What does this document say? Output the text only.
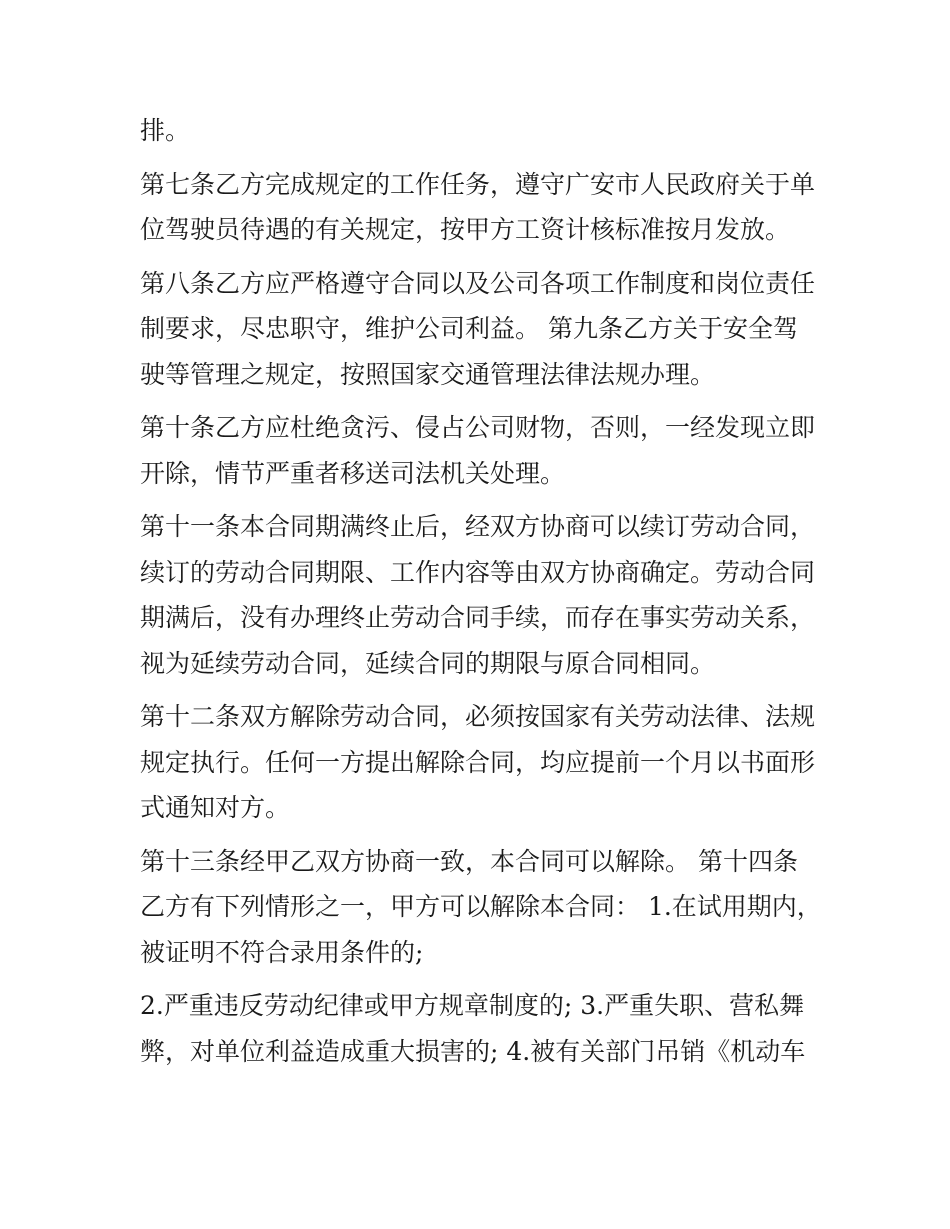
排。
第七条乙方完成规定的工作任务，遵守广安市人民政府关于单
位驾驶员待遇的有关规定，按甲方工资计核标准按月发放。
第八条乙方应严格遵守合同以及公司各项工作制度和岗位责任
制要求，尽忠职守，维护公司利益。 第九条乙方关于安全驾
驶等管理之规定，按照国家交通管理法律法规办理。
第十条乙方应杜绝贪污、侵占公司财物，否则，一经发现立即
开除，情节严重者移送司法机关处理。
第十一条本合同期满终止后，经双方协商可以续订劳动合同，
续订的劳动合同期限、工作内容等由双方协商确定。劳动合同
期满后，没有办理终止劳动合同手续，而存在事实劳动关系，
视为延续劳动合同，延续合同的期限与原合同相同。
第十二条双方解除劳动合同，必须按国家有关劳动法律、法规
规定执行。任何一方提出解除合同，均应提前一个月以书面形
式通知对方。
第十三条经甲乙双方协商一致，本合同可以解除。 第十四条
乙方有下列情形之一，甲方可以解除本合同： 1.在试用期内，
被证明不符合录用条件的;
2.严重违反劳动纪律或甲方规章制度的; 3.严重失职、营私舞
弊，对单位利益造成重大损害的; 4.被有关部门吊销《机动车
